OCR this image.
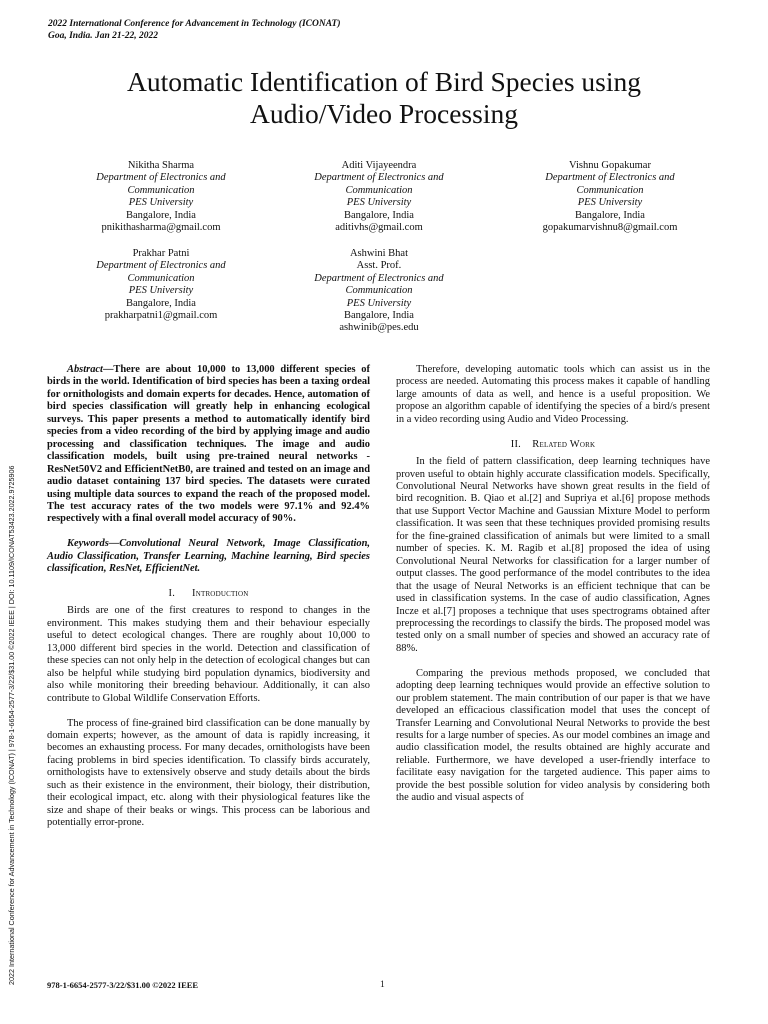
2022 International Conference for Advancement in Technology (ICONAT)
Goa, India. Jan 21-22, 2022
Automatic Identification of Bird Species using
Audio/Video Processing
Nikitha Sharma
Department of Electronics and
Communication
PES University
Bangalore, India
pnikithasharma@gmail.com
Aditi Vijayeendra
Department of Electronics and
Communication
PES University
Bangalore, India
aditivhs@gmail.com
Vishnu Gopakumar
Department of Electronics and
Communication
PES University
Bangalore, India
gopakumarvishnu8@gmail.com
Prakhar Patni
Department of Electronics and
Communication
PES University
Bangalore, India
prakharpatni1@gmail.com
Ashwini Bhat
Asst. Prof.
Department of Electronics and
Communication
PES University
Bangalore, India
ashwinib@pes.edu
2022 International Conference for Advancement in Technology (ICONAT) | 978-1-6654-2577-3/22/$31.00 ©2022 IEEE | DOI: 10.1109/ICONAT53423.2022.9725906

Abstract—There are about 10,000 to 13,000 different species of birds in the world. Identification of bird species has been a taxing ordeal for ornithologists and domain experts for decades. Hence, automation of bird species classification will greatly help in enhancing ecological surveys. This paper presents a method to automatically identify bird species from a video recording of the bird by applying image and audio processing and classification techniques. The image and audio classification models, built using pre-trained neural networks - ResNet50V2 and EfficientNetB0, are trained and tested on an image and audio dataset containing 137 bird species. The datasets were curated using multiple data sources to expand the reach of the proposed model. The test accuracy rates of the two models were 97.1% and 92.4% respectively with a final overall model accuracy of 90%.

Keywords—Convolutional Neural Network, Image Classification, Audio Classification, Transfer Learning, Machine learning, Bird species classification, ResNet, EfficientNet.

I. Introduction

Birds are one of the first creatures to respond to changes in the environment. This makes studying them and their behaviour especially useful to detect ecological changes. There are roughly about 10,000 to 13,000 different bird species in the world. Detection and classification of these species can not only help in the detection of ecological changes but can also be helpful while studying bird population dynamics, biodiversity and also while monitoring their breeding behaviour. Additionally, it can also contribute to Global Wildlife Conservation Efforts.

The process of fine-grained bird classification can be done manually by domain experts; however, as the amount of data is rapidly increasing, it becomes an exhausting process. For many decades, ornithologists have been facing problems in bird species identification. To classify birds accurately, ornithologists have to extensively observe and study details about the birds such as their existence in the environment, their biology, their distribution, their ecological impact, etc. along with their physiological features like the size and shape of their beaks or wings. This process can be laborious and potentially error-prone.

Therefore, developing automatic tools which can assist us in the process are needed. Automating this process makes it capable of handling large amounts of data as well, and hence is a useful proposition. We propose an algorithm capable of identifying the species of a bird/s present in a video recording using Audio and Video Processing.

II. Related Work

In the field of pattern classification, deep learning techniques have proven useful to obtain highly accurate classification models. Specifically, Convolutional Neural Networks have shown great results in the field of bird recognition. B. Qiao et al.[2] and Supriya et al.[6] propose methods that use Support Vector Machine and Gaussian Mixture Model to perform classification. It was seen that these techniques provided promising results for the fine-grained classification of animals but were limited to a small number of species. K. M. Ragib et al.[8] proposed the idea of using Convolutional Neural Networks for classification for a larger number of output classes. The good performance of the model contributes to the idea that the usage of Neural Networks is an efficient technique that can be used in classification systems. In the case of audio classification, Agnes Incze et al.[7] proposes a technique that uses spectrograms obtained after preprocessing the recordings to classify the birds. The proposed model was tested only on a small number of species and showed an accuracy rate of 88%.

Comparing the previous methods proposed, we concluded that adopting deep learning techniques would provide an effective solution to our problem statement. The main contribution of our paper is that we have developed an efficacious classification model that uses the concept of Transfer Learning and Convolutional Neural Networks to provide the best results for a large number of species. As our model combines an image and audio classification model, the results obtained are highly accurate and reliable. Furthermore, we have developed a user-friendly interface to facilitate easy navigation for the targeted audience. This paper aims to provide the best possible solution for video analysis by considering both the audio and visual aspects of

978-1-6654-2577-3/22/$31.00 ©2022 IEEE	1
